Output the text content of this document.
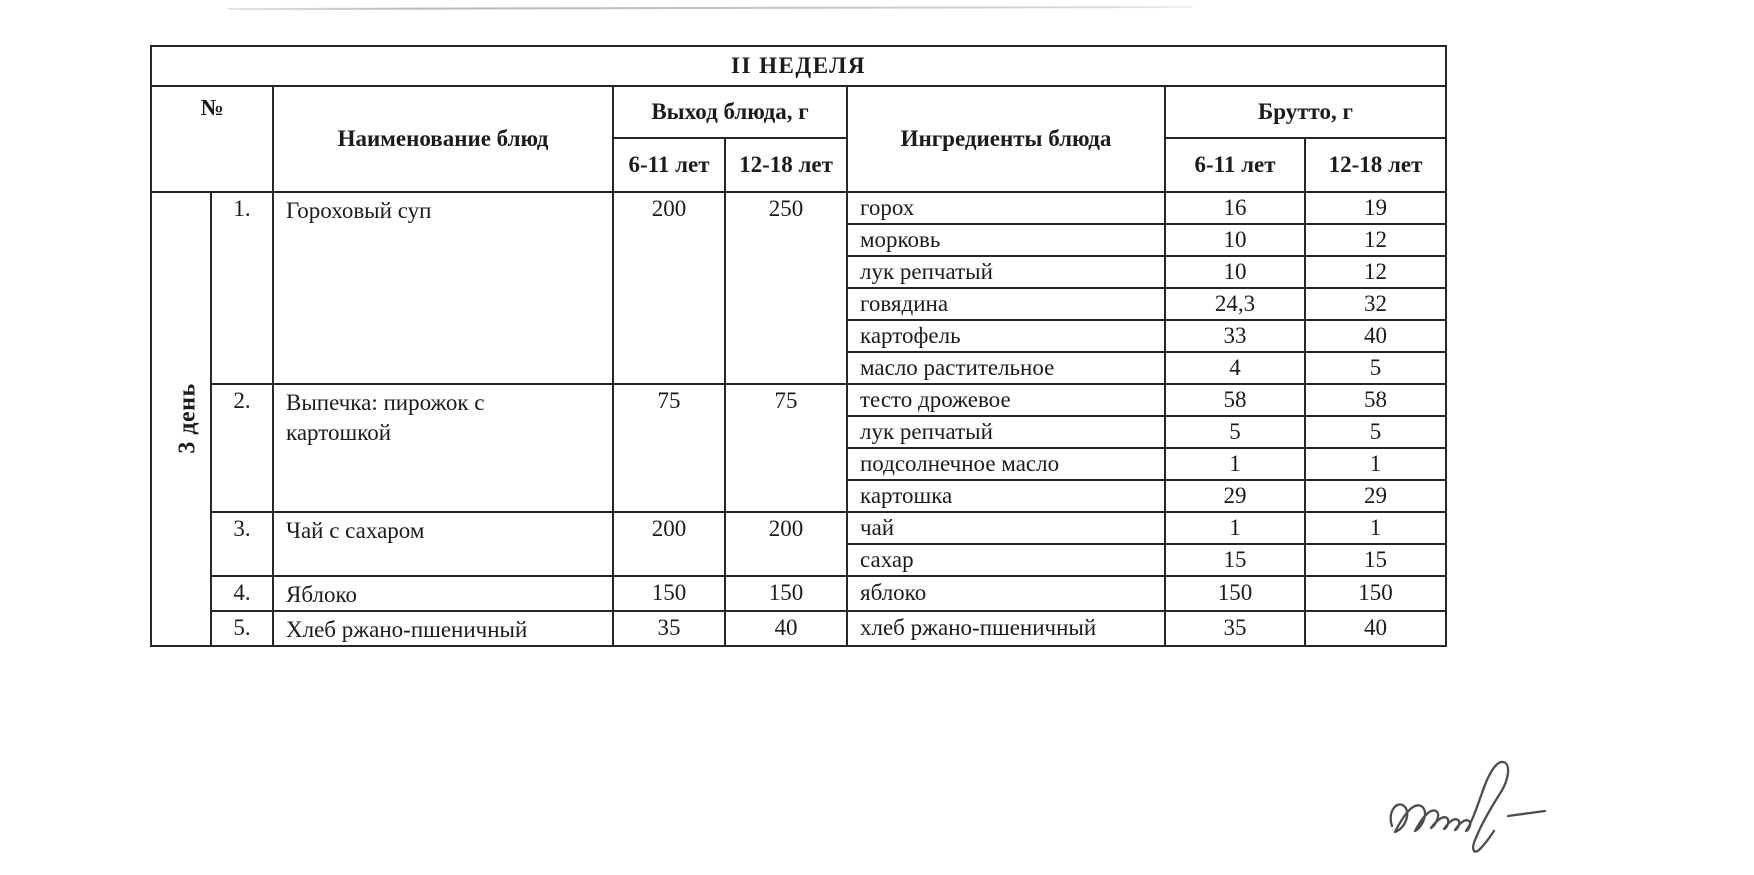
II НЕДЕЛЯ							
№		Наименование блюд	Выход блюда, г		Ингредиенты блюда	Брутто, г	
			6-11 лет	12-18 лет		6-11 лет	12-18 лет
3 день	1.	Гороховый суп	200	250	горох	16	19
					морковь	10	12
					лук репчатый	10	12
					говядина	24,3	32
					картофель	33	40
					масло растительное	4	5
	2.	Выпечка: пирожок с картошкой	75	75	тесто дрожевое	58	58
					лук репчатый	5	5
					подсолнечное масло	1	1
					картошка	29	29
	3.	Чай с сахаром	200	200	чай	1	1
					сахар	15	15
	4.	Яблоко	150	150	яблоко	150	150
	5.	Хлеб ржано-пшеничный	35	40	хлеб ржано-пшеничный	35	40
